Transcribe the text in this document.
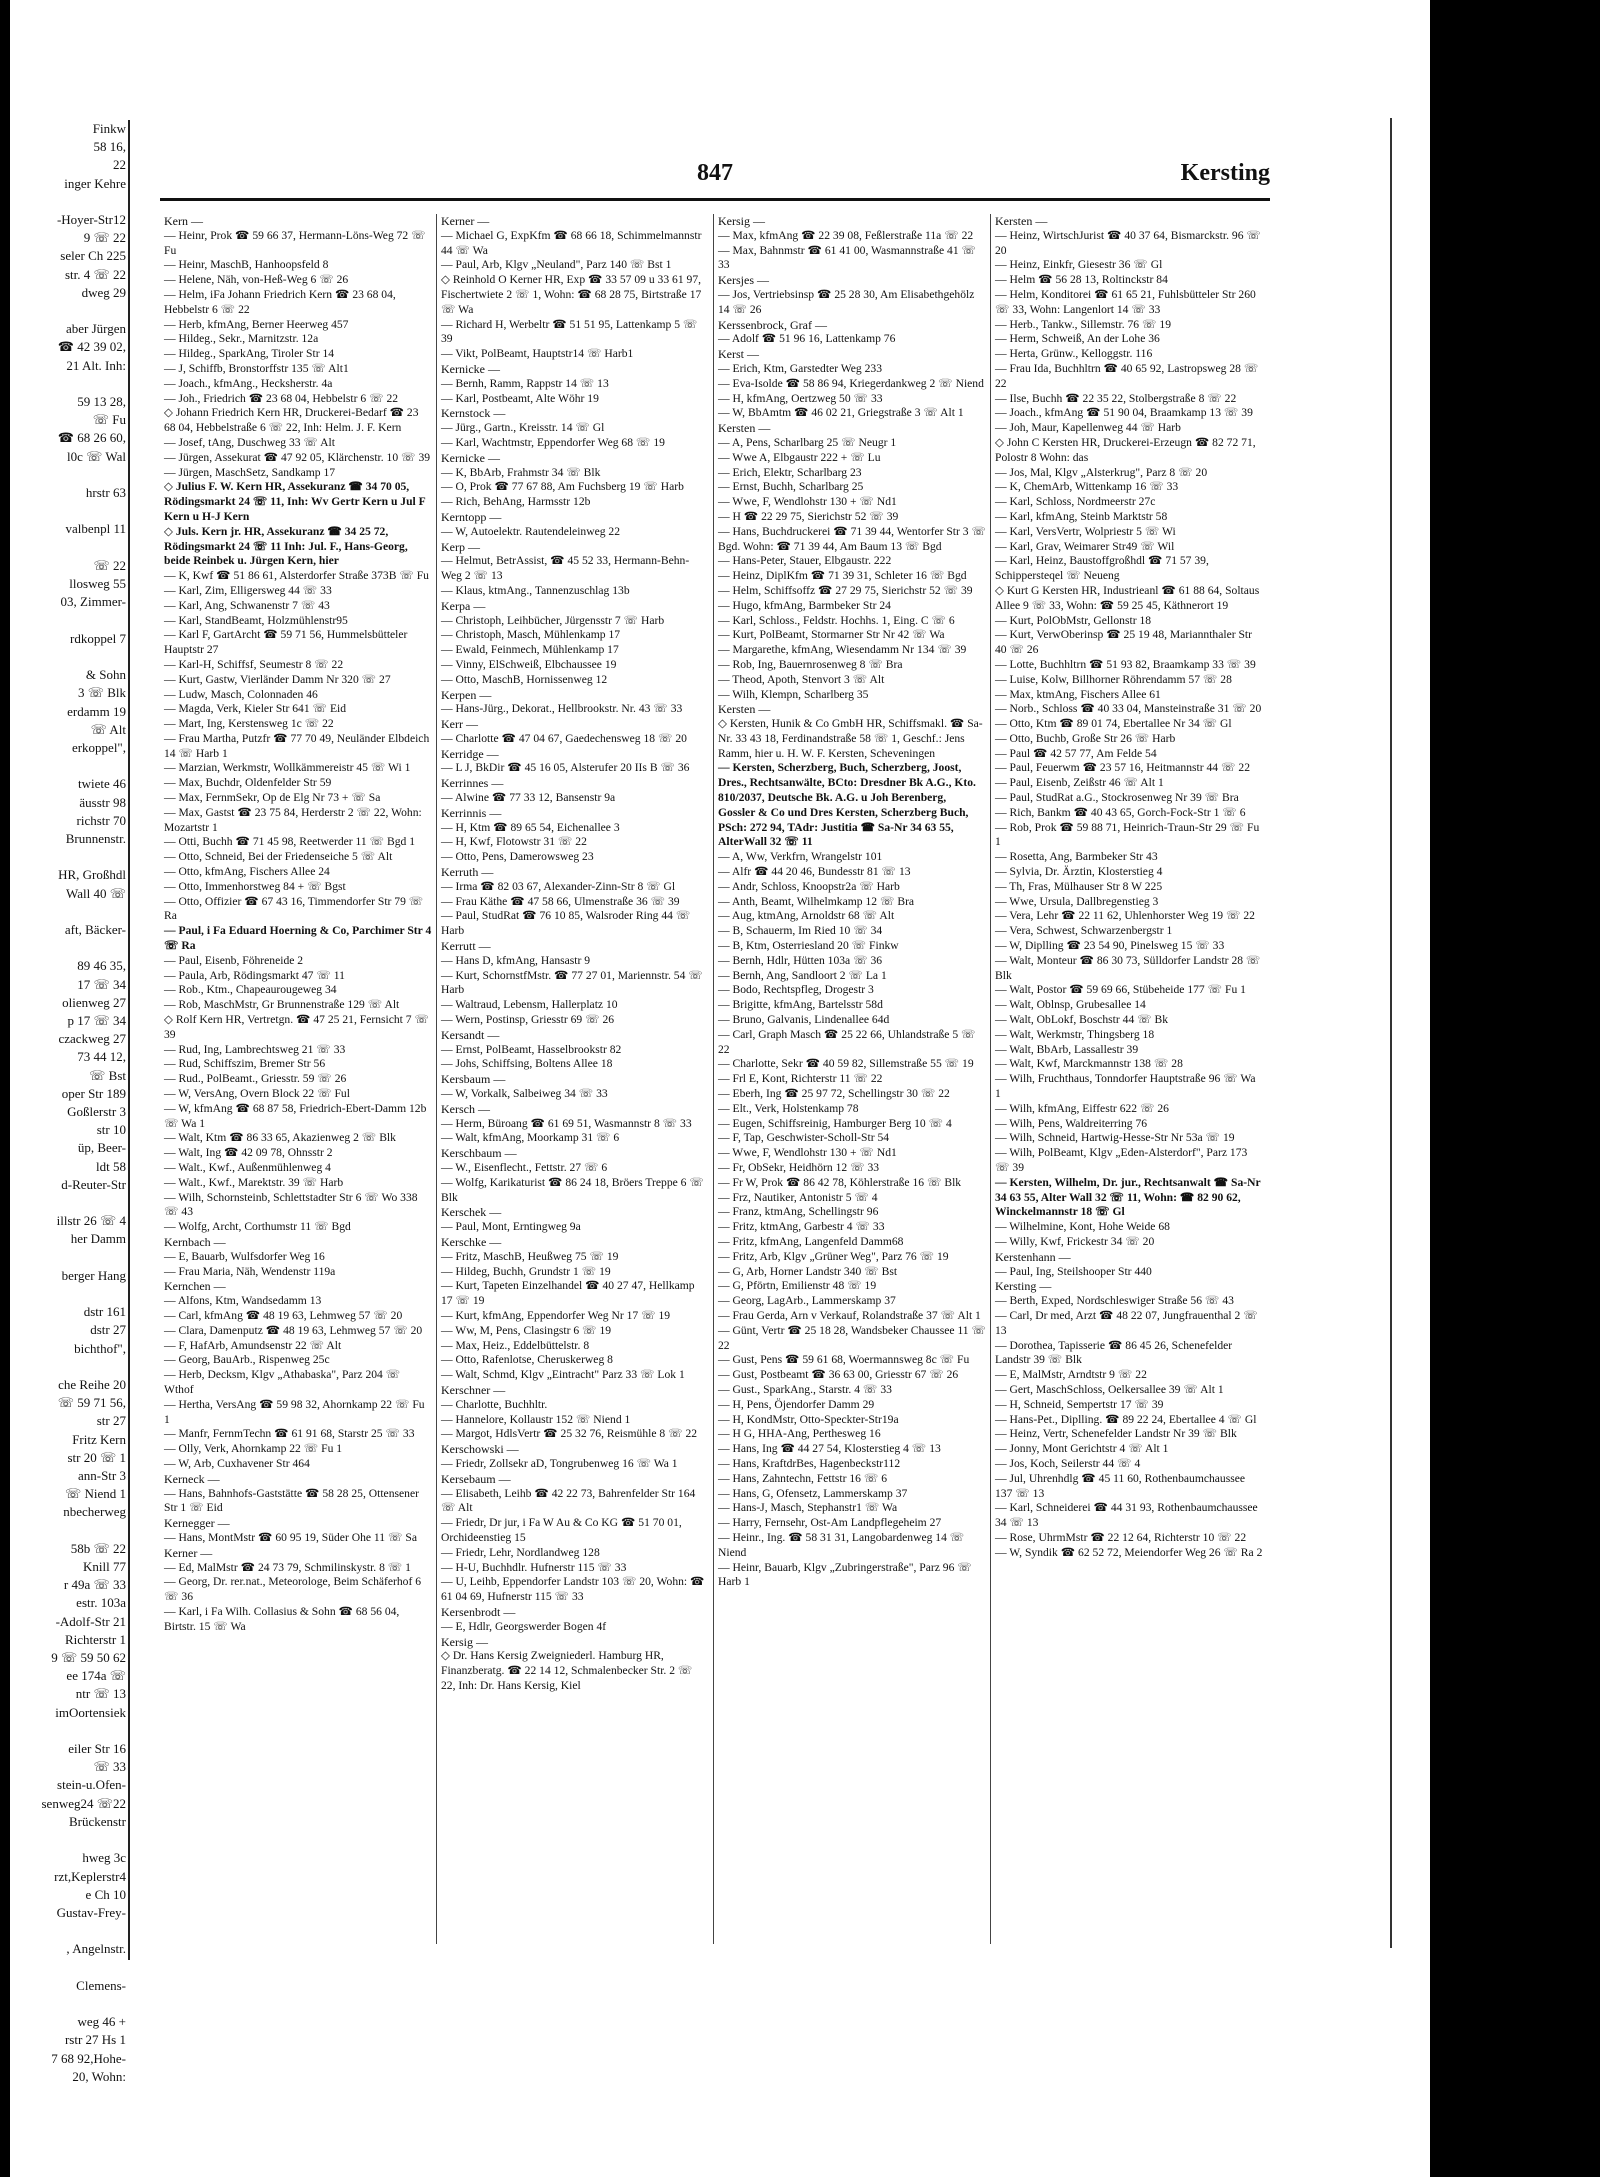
Finkw
58 16,
22
inger Kehre

-Hoyer-Str12
9 ☏ 22
seler Ch 225
str. 4 ☏ 22
dweg 29

aber Jürgen
☎ 42 39 02,
21 Alt. Inh:

59 13 28,
☏ Fu
☎ 68 26 60,
l0c ☏ Wal

hrstr 63

valbenpl 11

☏ 22
llosweg 55
03, Zimmer-

rdkoppel 7

& Sohn
3 ☏ Blk
erdamm 19
☏ Alt
erkoppel",

twiete 46
äusstr 98
richstr 70
Brunnenstr.

HR, Großhdl
Wall 40 ☏

aft, Bäcker-

89 46 35,
17 ☏ 34
olienweg 27
p 17 ☏ 34
czackweg 27
73 44 12,
☏ Bst
oper Str 189
Goßlerstr 3
str 10
üp, Beer-
ldt 58
d-Reuter-Str

illstr 26 ☏ 4
her Damm

berger Hang

dstr 161
dstr 27
bichthof",

che Reihe 20
☏ 59 71 56,
str 27
Fritz Kern
str 20 ☏ 1
ann-Str 3
☏ Niend 1
nbecherweg

58b ☏ 22
Knill 77
r 49a ☏ 33
estr. 103a
-Adolf-Str 21
Richterstr 1
9 ☏ 59 50 62
ee 174a ☏
ntr ☏ 13
imOortensiek

eiler Str 16
☏ 33
stein-u.Ofen-
senweg24 ☏22
Brückenstr

hweg 3c
rzt,Keplerstr4
e Ch 10
Gustav-Frey-

, Angelnstr.

Clemens-

weg 46 +
rstr 27 Hs 1
7 68 92,Hohe-
20, Wohn:
847	Kersting
Kern —
— Heinr, Prok ☎ 59 66 37, Hermann-Löns-Weg 72 ☏ Fu
— Heinr, MaschB, Hanhoopsfeld 8
— Helene, Näh, von-Heß-Weg 6 ☏ 26
— Helm, iFa Johann Friedrich Kern ☎ 23 68 04, Hebbelstr 6 ☏ 22
— Herb, kfmAng, Berner Heerweg 457
— Hildeg., Sekr., Marnitzstr. 12a
— Hildeg., SparkAng, Tiroler Str 14
— J, Schiffb, Bronstorffstr 135 ☏ Alt1
— Joach., kfmAng., Hecksherstr. 4a
— Joh., Friedrich ☎ 23 68 04, Hebbelstr 6 ☏ 22
◇ Johann Friedrich Kern HR, Druckerei-Bedarf ☎ 23 68 04, Hebbelstraße 6 ☏ 22, Inh: Helm. J. F. Kern
— Josef, tAng, Duschweg 33 ☏ Alt
— Jürgen, Assekurat ☎ 47 92 05, Klärchenstr. 10 ☏ 39
— Jürgen, MaschSetz, Sandkamp 17
◇ Julius F. W. Kern HR, Assekuranz ☎ 34 70 05, Rödingsmarkt 24 ☏ 11, Inh: Wv Gertr Kern u Jul F Kern u H-J Kern
◇ Juls. Kern jr. HR, Assekuranz ☎ 34 25 72, Rödingsmarkt 24 ☏ 11 Inh: Jul. F., Hans-Georg, beide Reinbek u. Jürgen Kern, hier
— K, Kwf ☎ 51 86 61, Alsterdorfer Straße 373B ☏ Fu
— Karl, Zim, Elligersweg 44 ☏ 33
— Karl, Ang, Schwanenstr 7 ☏ 43
— Karl, StandBeamt, Holzmühlenstr95
— Karl F, GartArcht ☎ 59 71 56, Hummelsbütteler Hauptstr 27
— Karl-H, Schiffsf, Seumestr 8 ☏ 22
— Kurt, Gastw, Vierländer Damm Nr 320 ☏ 27
— Ludw, Masch, Colonnaden 46
— Magda, Verk, Kieler Str 641 ☏ Eid
— Mart, Ing, Kerstensweg 1c ☏ 22
— Frau Martha, Putzfr ☎ 77 70 49, Neuländer Elbdeich 14 ☏ Harb 1
— Marzian, Werkmstr, Wollkämmereistr 45 ☏ Wi 1
— Max, Buchdr, Oldenfelder Str 59
— Max, FernmSekr, Op de Elg Nr 73 + ☏ Sa
— Max, Gastst ☎ 23 75 84, Herderstr 2 ☏ 22, Wohn: Mozartstr 1
— Otti, Buchh ☎ 71 45 98, Reetwerder 11 ☏ Bgd 1
— Otto, Schneid, Bei der Friedenseiche 5 ☏ Alt
— Otto, kfmAng, Fischers Allee 24
— Otto, Immenhorstweg 84 + ☏ Bgst
— Otto, Offizier ☎ 67 43 16, Timmendorfer Str 79 ☏ Ra
— Paul, i Fa Eduard Hoerning & Co, Parchimer Str 4 ☏ Ra
— Paul, Eisenb, Föhreneide 2
— Paula, Arb, Rödingsmarkt 47 ☏ 11
— Rob., Ktm., Chapeaurougeweg 34
— Rob, MaschMstr, Gr Brunnenstraße 129 ☏ Alt
◇ Rolf Kern HR, Vertretgn. ☎ 47 25 21, Fernsicht 7 ☏ 39
— Rud, Ing, Lambrechtsweg 21 ☏ 33
— Rud, Schiffszim, Bremer Str 56
— Rud., PolBeamt., Griesstr. 59 ☏ 26
— W, VersAng, Overn Block 22 ☏ Ful
— W, kfmAng ☎ 68 87 58, Friedrich-Ebert-Damm 12b ☏ Wa 1
— Walt, Ktm ☎ 86 33 65, Akazienweg 2 ☏ Blk
— Walt, Ing ☎ 42 09 78, Ohnsstr 2
— Walt., Kwf., Außenmühlenweg 4
— Walt., Kwf., Marektstr. 39 ☏ Harb
— Wilh, Schornsteinb, Schlettstadter Str 6 ☏ Wo 338 ☏ 43
— Wolfg, Archt, Corthumstr 11 ☏ Bgd
Kernbach —
— E, Bauarb, Wulfsdorfer Weg 16
— Frau Maria, Näh, Wendenstr 119a
Kernchen —
— Alfons, Ktm, Wandsedamm 13
— Carl, kfmAng ☎ 48 19 63, Lehmweg 57 ☏ 20
— Clara, Damenputz ☎ 48 19 63, Lehmweg 57 ☏ 20
— F, HafArb, Amundsenstr 22 ☏ Alt
— Georg, BauArb., Rispenweg 25c
— Herb, Decksm, Klgv „Athabaska", Parz 204 ☏ Wthof
— Hertha, VersAng ☎ 59 98 32, Ahornkamp 22 ☏ Fu 1
— Manfr, FernmTechn ☎ 61 91 68, Starstr 25 ☏ 33
— Olly, Verk, Ahornkamp 22 ☏ Fu 1
— W, Arb, Cuxhavener Str 464
Kerneck —
— Hans, Bahnhofs-Gaststätte ☎ 58 28 25, Ottensener Str 1 ☏ Eid
Kernegger —
— Hans, MontMstr ☎ 60 95 19, Süder Ohe 11 ☏ Sa
Kerner —
— Ed, MalMstr ☎ 24 73 79, Schmilinskystr. 8 ☏ 1
— Georg, Dr. rer.nat., Meteorologe, Beim Schäferhof 6 ☏ 36
— Karl, i Fa Wilh. Collasius & Sohn ☎ 68 56 04, Birtstr. 15 ☏ Wa
Kerner —
— Michael G, ExpKfm ☎ 68 66 18, Schimmelmannstr 44 ☏ Wa
— Paul, Arb, Klgv „Neuland", Parz 140 ☏ Bst 1
◇ Reinhold O Kerner HR, Exp ☎ 33 57 09 u 33 61 97, Fischertwiete 2 ☏ 1, Wohn: ☎ 68 28 75, Birtstraße 17 ☏ Wa
— Richard H, Werbeltr ☎ 51 51 95, Lattenkamp 5 ☏ 39
— Vikt, PolBeamt, Hauptstr14 ☏ Harb1
Kernicke —
— Bernh, Ramm, Rappstr 14 ☏ 13
— Karl, Postbeamt, Alte Wöhr 19
Kernstock —
— Jürg., Gartn., Kreisstr. 14 ☏ Gl
— Karl, Wachtmstr, Eppendorfer Weg 68 ☏ 19
Kernicke —
— K, BbArb, Frahmstr 34 ☏ Blk
— O, Prok ☎ 77 67 88, Am Fuchsberg 19 ☏ Harb
— Rich, BehAng, Harmsstr 12b
Kerntopp —
— W, Autoelektr. Rautendeleinweg 22
Kerp —
— Helmut, BetrAssist, ☎ 45 52 33, Hermann-Behn-Weg 2 ☏ 13
— Klaus, ktmAng., Tannenzuschlag 13b
Kerpa —
— Christoph, Leihbücher, Jürgensstr 7 ☏ Harb
— Christoph, Masch, Mühlenkamp 17
— Ewald, Feinmech, Mühlenkamp 17
— Vinny, ElSchweiß, Elbchaussee 19
— Otto, MaschB, Hornissenweg 12
Kerpen —
— Hans-Jürg., Dekorat., Hellbrookstr. Nr. 43 ☏ 33
Kerr —
— Charlotte ☎ 47 04 67, Gaedechensweg 18 ☏ 20
Kerridge —
— L J, BkDir ☎ 45 16 05, Alsterufer 20 IIs B ☏ 36
Kerrinnes —
— Alwine ☎ 77 33 12, Bansenstr 9a
Kerrinnis —
— H, Ktm ☎ 89 65 54, Eichenallee 3
— H, Kwf, Flotowstr 31 ☏ 22
— Otto, Pens, Damerowsweg 23
Kerruth —
— Irma ☎ 82 03 67, Alexander-Zinn-Str 8 ☏ Gl
— Frau Käthe ☎ 47 58 66, Ulmenstraße 36 ☏ 39
— Paul, StudRat ☎ 76 10 85, Walsroder Ring 44 ☏ Harb
Kerrutt —
— Hans D, kfmAng, Hansastr 9
— Kurt, SchornstfMstr. ☎ 77 27 01, Mariennstr. 54 ☏ Harb
— Waltraud, Lebensm, Hallerplatz 10
— Wern, Postinsp, Griesstr 69 ☏ 26
Kersandt —
— Ernst, PolBeamt, Hasselbrookstr 82
— Johs, Schiffsing, Boltens Allee 18
Kersbaum —
— W, Vorkalk, Salbeiweg 34 ☏ 33
Kersch —
— Herm, Büroang ☎ 61 69 51, Wasmannstr 8 ☏ 33
— Walt, kfmAng, Moorkamp 31 ☏ 6
Kerschbaum —
— W., Eisenflecht., Fettstr. 27 ☏ 6
— Wolfg, Karikaturist ☎ 86 24 18, Bröers Treppe 6 ☏ Blk
Kerschek —
— Paul, Mont, Erntingweg 9a
Kerschke —
— Fritz, MaschB, Heußweg 75 ☏ 19
— Hildeg, Buchh, Grundstr 1 ☏ 19
— Kurt, Tapeten Einzelhandel ☎ 40 27 47, Hellkamp 17 ☏ 19
— Kurt, kfmAng, Eppendorfer Weg Nr 17 ☏ 19
— Ww, M, Pens, Clasingstr 6 ☏ 19
— Max, Heiz., Eddelbüttelstr. 8
— Otto, Rafenlotse, Cheruskerweg 8
— Walt, Schmd, Klgv „Eintracht" Parz 33 ☏ Lok 1
Kerschner —
— Charlotte, Buchhltr.
— Hannelore, Kollaustr 152 ☏ Niend 1
— Margot, HdlsVertr ☎ 25 32 76, Reismühle 8 ☏ 22
Kerschowski —
— Friedr, Zollsekr aD, Tongrubenweg 16 ☏ Wa 1
Kersebaum —
— Elisabeth, Leihb ☎ 42 22 73, Bahrenfelder Str 164 ☏ Alt
— Friedr, Dr jur, i Fa W Au & Co KG ☎ 51 70 01, Orchideenstieg 15
— Friedr, Lehr, Nordlandweg 128
— H-U, Buchhdlr. Hufnerstr 115 ☏ 33
— U, Leihb, Eppendorfer Landstr 103 ☏ 20, Wohn: ☎ 61 04 69, Hufnerstr 115 ☏ 33
Kersenbrodt —
— E, Hdlr, Georgswerder Bogen 4f
Kersig —
◇ Dr. Hans Kersig Zweigniederl. Hamburg HR, Finanzberatg. ☎ 22 14 12, Schmalenbecker Str. 2 ☏ 22, Inh: Dr. Hans Kersig, Kiel
Kersig —
— Max, kfmAng ☎ 22 39 08, Feßlerstraße 11a ☏ 22
— Max, Bahnmstr ☎ 61 41 00, Wasmannstraße 41 ☏ 33
Kersjes —
— Jos, Vertriebsinsp ☎ 25 28 30, Am Elisabethgehölz 14 ☏ 26
Kerssenbrock, Graf —
— Adolf ☎ 51 96 16, Lattenkamp 76
Kerst —
— Erich, Ktm, Garstedter Weg 233
— Eva-Isolde ☎ 58 86 94, Kriegerdankweg 2 ☏ Niend
— H, kfmAng, Oertzweg 50 ☏ 33
— W, BbAmtm ☎ 46 02 21, Griegstraße 3 ☏ Alt 1
Kersten —
— A, Pens, Scharlbarg 25 ☏ Neugr 1
— Wwe A, Elbgaustr 222 + ☏ Lu
— Erich, Elektr, Scharlbarg 23
— Ernst, Buchh, Scharlbarg 25
— Wwe, F, Wendlohstr 130 + ☏ Nd1
— H ☎ 22 29 75, Sierichstr 52 ☏ 39
— Hans, Buchdruckerei ☎ 71 39 44, Wentorfer Str 3 ☏ Bgd. Wohn: ☎ 71 39 44, Am Baum 13 ☏ Bgd
— Hans-Peter, Stauer, Elbgaustr. 222
— Heinz, DiplKfm ☎ 71 39 31, Schleter 16 ☏ Bgd
— Helm, Schiffsoffz ☎ 27 29 75, Sierichstr 52 ☏ 39
— Hugo, kfmAng, Barmbeker Str 24
— Karl, Schloss., Feldstr. Hochhs. 1, Eing. C ☏ 6
— Kurt, PolBeamt, Stormarner Str Nr 42 ☏ Wa
— Margarethe, kfmAng, Wiesendamm Nr 134 ☏ 39
— Rob, Ing, Bauernrosenweg 8 ☏ Bra
— Theod, Apoth, Stenvort 3 ☏ Alt
— Wilh, Klempn, Scharlberg 35
Kersten —
◇ Kersten, Hunik & Co GmbH HR, Schiffsmakl. ☎ Sa-Nr. 33 43 18, Ferdinandstraße 58 ☏ 1, Geschf.: Jens Ramm, hier u. H. W. F. Kersten, Scheveningen
— Kersten, Scherzberg, Buch, Scherzberg, Joost, Dres., Rechtsanwälte, BCto: Dresdner Bk A.G., Kto. 810/2037, Deutsche Bk. A.G. u Joh Berenberg, Gossler & Co und Dres Kersten, Scherzberg Buch, PSch: 272 94, TAdr: Justitia ☎ Sa-Nr 34 63 55, AlterWall 32 ☏ 11
— A, Ww, Verkfrn, Wrangelstr 101
— Alfr ☎ 44 20 46, Bundesstr 81 ☏ 13
— Andr, Schloss, Knoopstr2a ☏ Harb
— Anth, Beamt, Wilhelmkamp 12 ☏ Bra
— Aug, ktmAng, Arnoldstr 68 ☏ Alt
— B, Schauerm, Im Ried 10 ☏ 34
— B, Ktm, Osterriesland 20 ☏ Finkw
— Bernh, Hdlr, Hütten 103a ☏ 36
— Bernh, Ang, Sandloort 2 ☏ La 1
— Bodo, Rechtspfleg, Drogestr 3
— Brigitte, kfmAng, Bartelsstr 58d
— Bruno, Galvanis, Lindenallee 64d
— Carl, Graph Masch ☎ 25 22 66, Uhlandstraße 5 ☏ 22
— Charlotte, Sekr ☎ 40 59 82, Sillemstraße 55 ☏ 19
— Frl E, Kont, Richterstr 11 ☏ 22
— Eberh, Ing ☎ 25 97 72, Schellingstr 30 ☏ 22
— Elt., Verk, Holstenkamp 78
— Eugen, Schiffsreinig, Hamburger Berg 10 ☏ 4
— F, Tap, Geschwister-Scholl-Str 54
— Wwe, F, Wendlohstr 130 + ☏ Nd1
— Fr, ObSekr, Heidhörn 12 ☏ 33
— Fr W, Prok ☎ 86 42 78, Köhlerstraße 16 ☏ Blk
— Frz, Nautiker, Antonistr 5 ☏ 4
— Franz, ktmAng, Schellingstr 96
— Fritz, ktmAng, Garbestr 4 ☏ 33
— Fritz, kfmAng, Langenfeld Damm68
— Fritz, Arb, Klgv „Grüner Weg", Parz 76 ☏ 19
— G, Arb, Horner Landstr 340 ☏ Bst
— G, Pförtn, Emilienstr 48 ☏ 19
— Georg, LagArb., Lammerskamp 37
— Frau Gerda, Arn v Verkauf, Rolandstraße 37 ☏ Alt 1
— Günt, Vertr ☎ 25 18 28, Wandsbeker Chaussee 11 ☏ 22
— Gust, Pens ☎ 59 61 68, Woermannsweg 8c ☏ Fu
— Gust, Postbeamt ☎ 36 63 00, Griesstr 67 ☏ 26
— Gust., SparkAng., Starstr. 4 ☏ 33
— H, Pens, Öjendorfer Damm 29
— H, KondMstr, Otto-Speckter-Str19a
— H G, HHA-Ang, Perthesweg 16
— Hans, Ing ☎ 44 27 54, Klosterstieg 4 ☏ 13
— Hans, KraftdrBes, Hagenbeckstr112
— Hans, Zahntechn, Fettstr 16 ☏ 6
— Hans, G, Ofensetz, Lammerskamp 37
— Hans-J, Masch, Stephanstr1 ☏ Wa
— Harry, Fernsehr, Ost-Am Landpflegeheim 27
— Heinr., Ing. ☎ 58 31 31, Langobardenweg 14 ☏ Niend
— Heinr, Bauarb, Klgv „Zubringerstraße", Parz 96 ☏ Harb 1
Kersten —
— Heinz, WirtschJurist ☎ 40 37 64, Bismarckstr. 96 ☏ 20
— Heinz, Einkfr, Giesestr 36 ☏ Gl
— Helm ☎ 56 28 13, Roltinckstr 84
— Helm, Konditorei ☎ 61 65 21, Fuhlsbütteler Str 260 ☏ 33, Wohn: Langenlort 14 ☏ 33
— Herb., Tankw., Sillemstr. 76 ☏ 19
— Herm, Schweiß, An der Lohe 36
— Herta, Grünw., Kelloggstr. 116
— Frau Ida, Buchhltrn ☎ 40 65 92, Lastropsweg 28 ☏ 22
— Ilse, Buchh ☎ 22 35 22, Stolbergstraße 8 ☏ 22
— Joach., kfmAng ☎ 51 90 04, Braamkamp 13 ☏ 39
— Joh, Maur, Kapellenweg 44 ☏ Harb
◇ John C Kersten HR, Druckerei-Erzeugn ☎ 82 72 71, Polostr 8 Wohn: das
— Jos, Mal, Klgv „Alsterkrug", Parz 8 ☏ 20
— K, ChemArb, Wittenkamp 16 ☏ 33
— Karl, Schloss, Nordmeerstr 27c
— Karl, kfmAng, Steinb Marktstr 58
— Karl, VersVertr, Wolpriestr 5 ☏ Wi
— Karl, Grav, Weimarer Str49 ☏ Wil
— Karl, Heinz, Baustoffgroßhdl ☎ 71 57 39, Schippersteqel ☏ Neueng
◇ Kurt G Kersten HR, Industrieanl ☎ 61 88 64, Soltaus Allee 9 ☏ 33, Wohn: ☎ 59 25 45, Käthnerort 19
— Kurt, PolObMstr, Gellonstr 18
— Kurt, VerwOberinsp ☎ 25 19 48, Mariannthaler Str 40 ☏ 26
— Lotte, Buchhltrn ☎ 51 93 82, Braamkamp 33 ☏ 39
— Luise, Kolw, Billhorner Röhrendamm 57 ☏ 28
— Max, ktmAng, Fischers Allee 61
— Norb., Schloss ☎ 40 33 04, Mansteinstraße 31 ☏ 20
— Otto, Ktm ☎ 89 01 74, Ebertallee Nr 34 ☏ Gl
— Otto, Buchb, Große Str 26 ☏ Harb
— Paul ☎ 42 57 77, Am Felde 54
— Paul, Feuerwm ☎ 23 57 16, Heitmannstr 44 ☏ 22
— Paul, Eisenb, Zeißstr 46 ☏ Alt 1
— Paul, StudRat a.G., Stockrosenweg Nr 39 ☏ Bra
— Rich, Bankm ☎ 40 43 65, Gorch-Fock-Str 1 ☏ 6
— Rob, Prok ☎ 59 88 71, Heinrich-Traun-Str 29 ☏ Fu 1
— Rosetta, Ang, Barmbeker Str 43
— Sylvia, Dr. Ärztin, Klosterstieg 4
— Th, Fras, Mülhauser Str 8 W 225
— Wwe, Ursula, Dallbregenstieg 3
— Vera, Lehr ☎ 22 11 62, Uhlenhorster Weg 19 ☏ 22
— Vera, Schwest, Schwarzenbergstr 1
— W, Diplling ☎ 23 54 90, Pinelsweg 15 ☏ 33
— Walt, Monteur ☎ 86 30 73, Sülldorfer Landstr 28 ☏ Blk
— Walt, Postor ☎ 59 69 66, Stübeheide 177 ☏ Fu 1
— Walt, Oblnsp, Grubesallee 14
— Walt, ObLokf, Boschstr 44 ☏ Bk
— Walt, Werkmstr, Thingsberg 18
— Walt, BbArb, Lassallestr 39
— Walt, Kwf, Marckmannstr 138 ☏ 28
— Wilh, Fruchthaus, Tonndorfer Hauptstraße 96 ☏ Wa 1
— Wilh, kfmAng, Eiffestr 622 ☏ 26
— Wilh, Pens, Waldreiterring 76
— Wilh, Schneid, Hartwig-Hesse-Str Nr 53a ☏ 19
— Wilh, PolBeamt, Klgv „Eden-Alsterdorf", Parz 173 ☏ 39
— Kersten, Wilhelm, Dr. jur., Rechtsanwalt ☎ Sa-Nr 34 63 55, Alter Wall 32 ☏ 11, Wohn: ☎ 82 90 62, Winckelmannstr 18 ☏ Gl
— Wilhelmine, Kont, Hohe Weide 68
— Willy, Kwf, Frickestr 34 ☏ 20
Kerstenhann —
— Paul, Ing, Steilshooper Str 440
Kersting —
— Berth, Exped, Nordschleswiger Straße 56 ☏ 43
— Carl, Dr med, Arzt ☎ 48 22 07, Jungfrauenthal 2 ☏ 13
— Dorothea, Tapisserie ☎ 86 45 26, Schenefelder Landstr 39 ☏ Blk
— E, MalMstr, Arndtstr 9 ☏ 22
— Gert, MaschSchloss, Oelkersallee 39 ☏ Alt 1
— H, Schneid, Sempertstr 17 ☏ 39
— Hans-Pet., Diplling. ☎ 89 22 24, Ebertallee 4 ☏ Gl
— Heinz, Vertr, Schenefelder Landstr Nr 39 ☏ Blk
— Jonny, Mont Gerichtstr 4 ☏ Alt 1
— Jos, Koch, Seilerstr 44 ☏ 4
— Jul, Uhrenhdlg ☎ 45 11 60, Rothenbaumchaussee 137 ☏ 13
— Karl, Schneiderei ☎ 44 31 93, Rothenbaumchaussee 34 ☏ 13
— Rose, UhrmMstr ☎ 22 12 64, Richterstr 10 ☏ 22
— W, Syndik ☎ 62 52 72, Meiendorfer Weg 26 ☏ Ra 2
